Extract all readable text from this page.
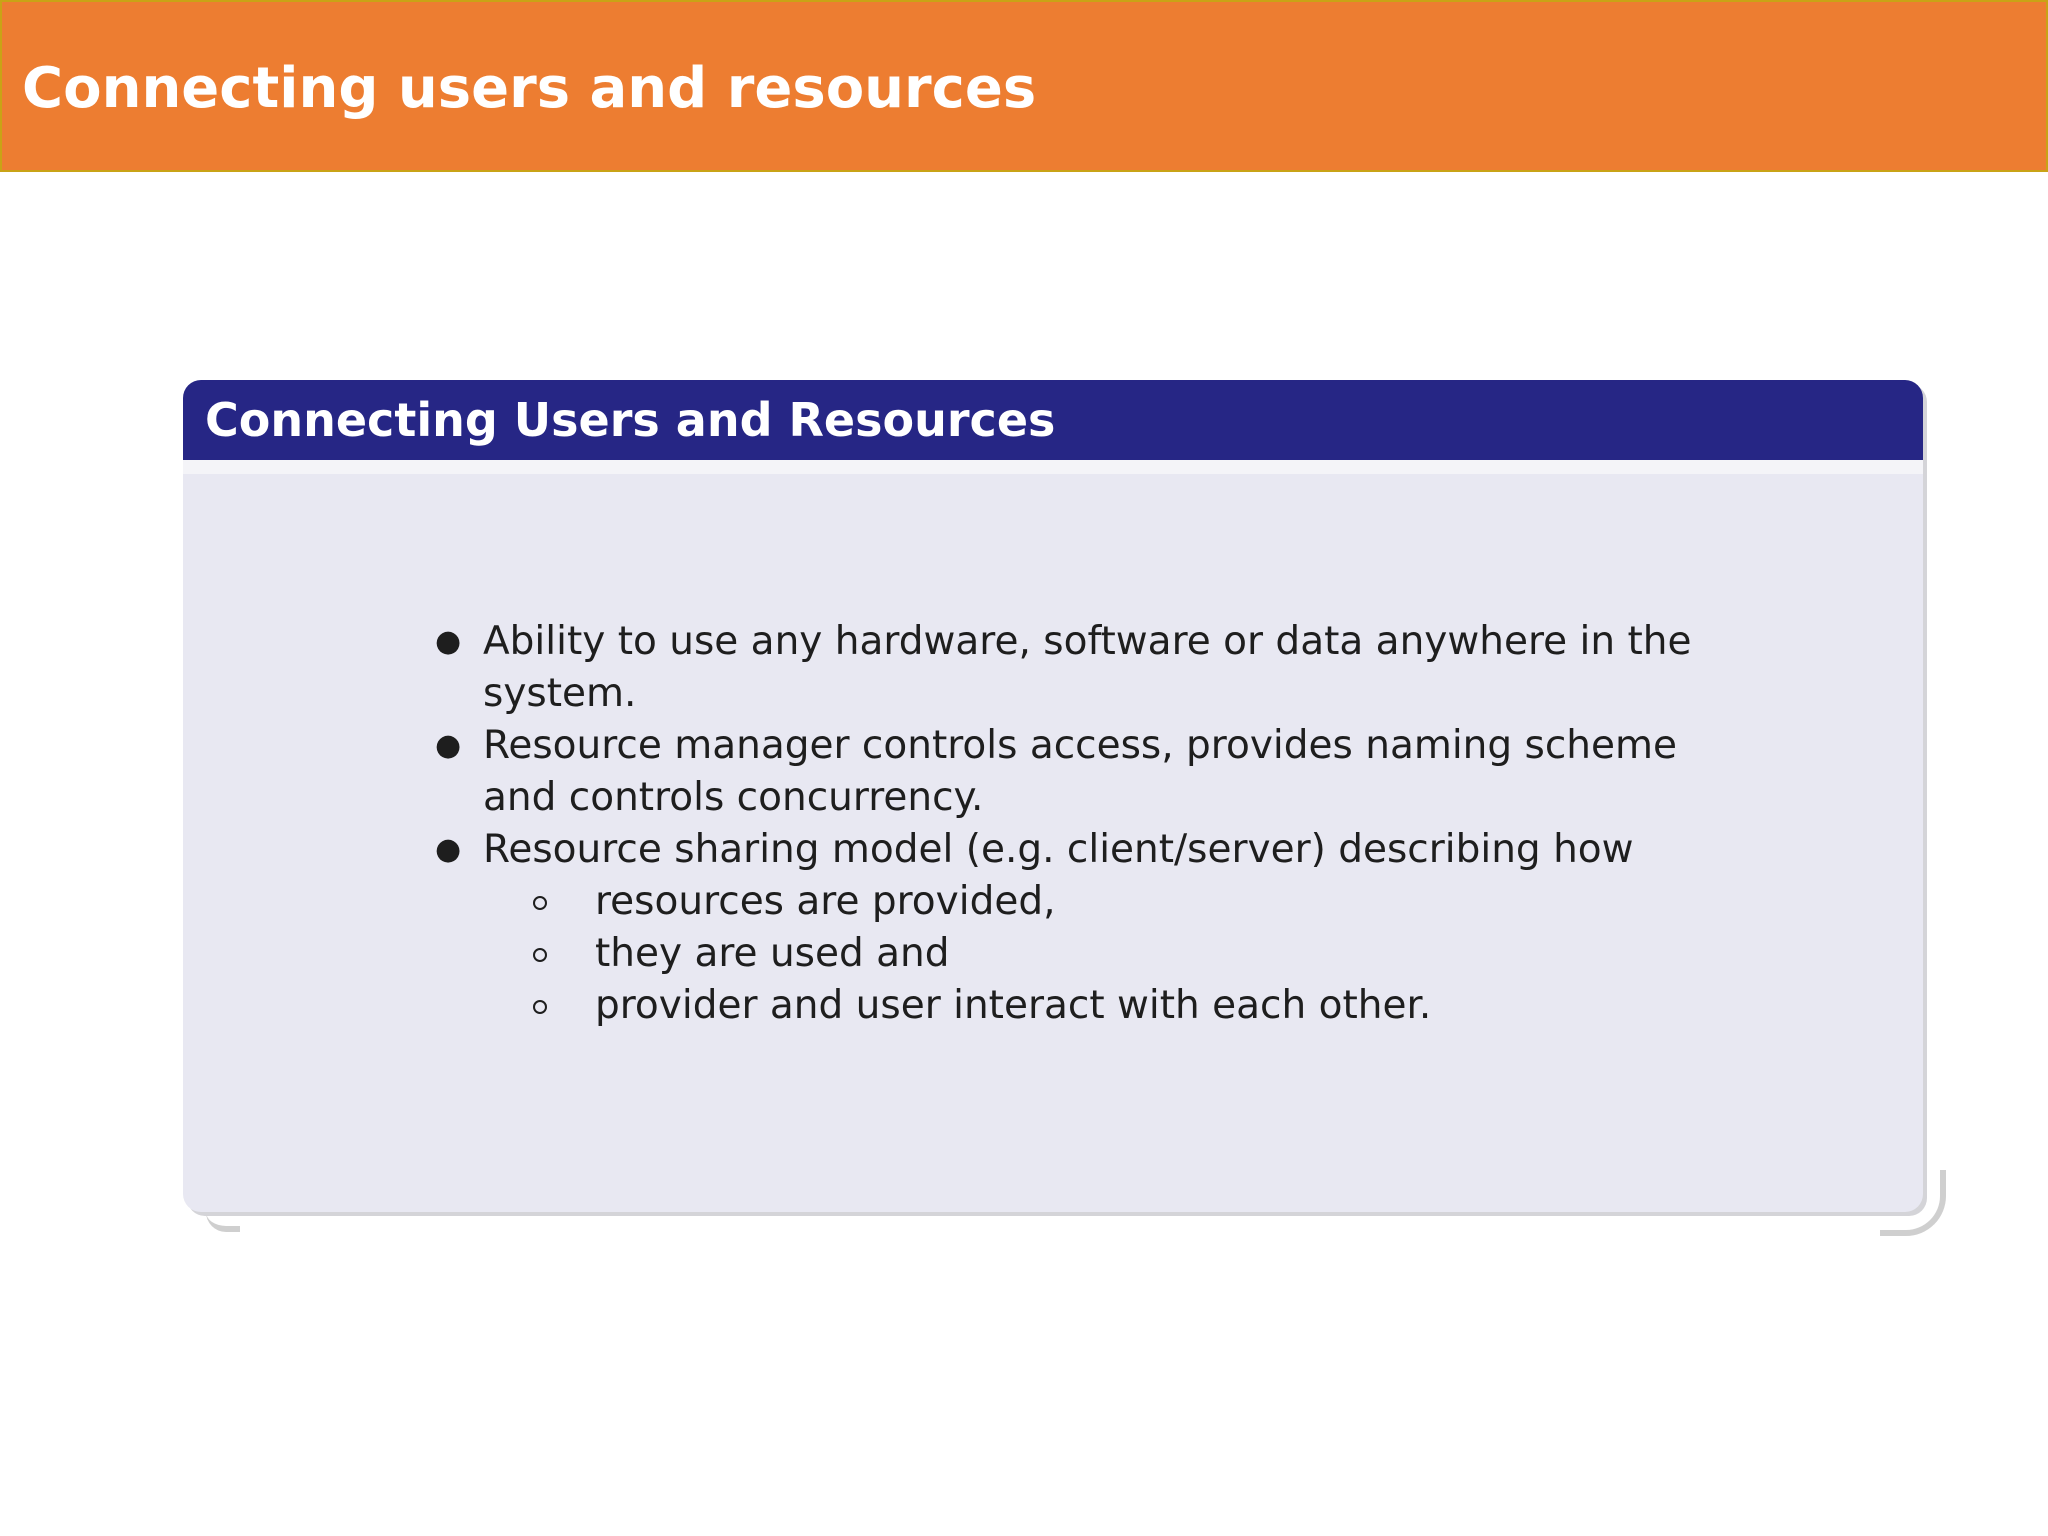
Connecting users and resources
Connecting Users and Resources
● Ability to use any hardware, software or data anywhere in the system.
● Resource manager controls access, provides naming scheme and controls concurrency.
● Resource sharing model (e.g. client/server) describing how
resources are provided,
they are used and
provider and user interact with each other.
